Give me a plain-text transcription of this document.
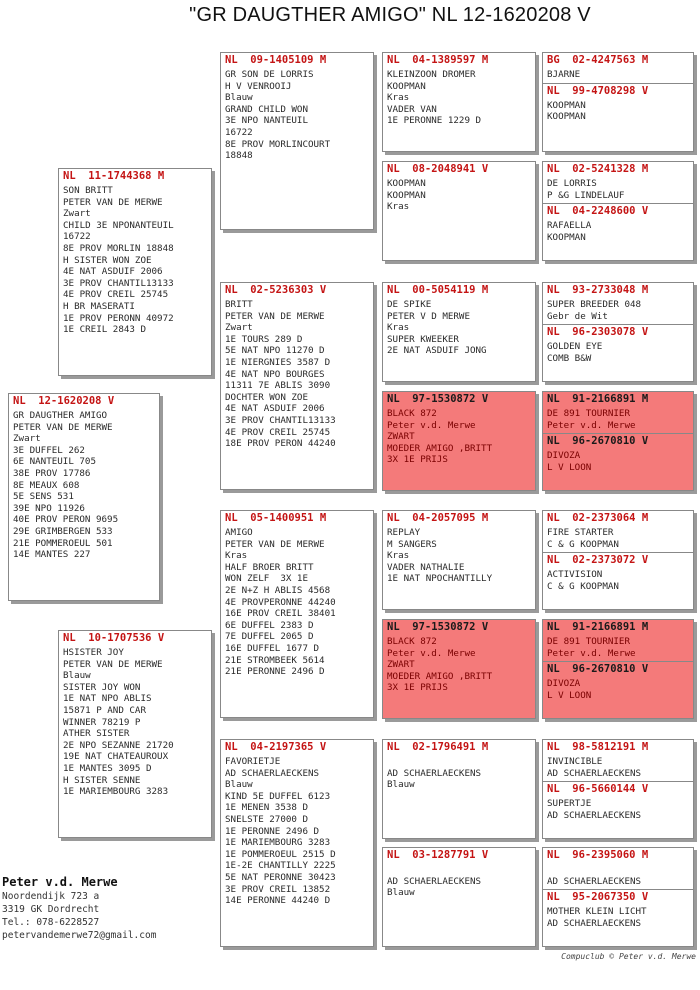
"GR DAUGTHER AMIGO" NL 12-1620208 V
NL  12-1620208 V
GR DAUGTHER AMIGO
PETER VAN DE MERWE
Zwart
3E DUFFEL 262
6E NANTEUIL 705
38E PROV 17786
8E MEAUX 608
5E SENS 531
39E NPO 11926
40E PROV PERON 9695
29E GRIMBERGEN 533
21E POMMEROEUL 501
14E MANTES 227
NL  11-1744368 M
SON BRITT
PETER VAN DE MERWE
Zwart
CHILD 3E NPONANTEUIL
16722
8E PROV MORLIN 18848
H SISTER WON ZOE
4E NAT ASDUIF 2006
3E PROV CHANTIL13133
4E PROV CREIL 25745
H BR MASERATI
1E PROV PERONN 40972
1E CREIL 2843 D
NL  10-1707536 V
HSISTER JOY
PETER VAN DE MERWE
Blauw
SISTER JOY WON
1E NAT NPO ABLIS
15871 P AND CAR
WINNER 78219 P
ATHER SISTER
2E NPO SEZANNE 21720
19E NAT CHATEAUROUX
1E MANTES 3095 D
H SISTER SENNE
1E MARIEMBOURG 3283
NL  09-1405109 M
GR SON DE LORRIS
H V VENROOIJ
Blauw
GRAND CHILD WON
3E NPO NANTEUIL
16722
8E PROV MORLINCOURT
18848
NL  02-5236303 V
BRITT
PETER VAN DE MERWE
Zwart
1E TOURS 289 D
5E NAT NPO 11270 D
1E NIERGNIES 3587 D
4E NAT NPO BOURGES
11311 7E ABLIS 3090
DOCHTER WON ZOE
4E NAT ASDUIF 2006
3E PROV CHANTIL13133
4E PROV CREIL 25745
18E PROV PERON 44240
NL  05-1400951 M
AMIGO
PETER VAN DE MERWE
Kras
HALF BROER BRITT
WON ZELF  3X 1E
2E N+Z H ABLIS 4568
4E PROVPERONNE 44240
16E PROV CREIL 38401
6E DUFFEL 2383 D
7E DUFFEL 2065 D
16E DUFFEL 1677 D
21E STROMBEEK 5614
21E PERONNE 2496 D
NL  04-2197365 V
FAVORIETJE
AD SCHAERLAECKENS
Blauw
KIND 5E DUFFEL 6123
1E MENEN 3538 D
SNELSTE 27000 D
1E PERONNE 2496 D
1E MARIEMBOURG 3283
1E POMMEROEUL 2515 D
1E-2E CHANTILLY 2225
5E NAT PERONNE 30423
3E PROV CREIL 13852
14E PERONNE 44240 D
NL  04-1389597 M
KLEINZOON DROMER
KOOPMAN
Kras
VADER VAN
1E PERONNE 1229 D
NL  08-2048941 V
KOOPMAN
KOOPMAN
Kras
NL  00-5054119 M
DE SPIKE
PETER V D MERWE
Kras
SUPER KWEEKER
2E NAT ASDUIF JONG
NL  97-1530872 V
BLACK 872
Peter v.d. Merwe
ZWART
MOEDER AMIGO ,BRITT
3X 1E PRIJS
NL  04-2057095 M
REPLAY
M SANGERS
Kras
VADER NATHALIE
1E NAT NPOCHANTILLY
NL  97-1530872 V
BLACK 872
Peter v.d. Merwe
ZWART
MOEDER AMIGO ,BRITT
3X 1E PRIJS
NL  02-1796491 M

AD SCHAERLAECKENS
Blauw
NL  03-1287791 V

AD SCHAERLAECKENS
Blauw
BG  02-4247563 M
BJARNE
NL  99-4708298 V
KOOPMAN
KOOPMAN
NL  02-5241328 M
DE LORRIS
P &G LINDELAUF
NL  04-2248600 V
RAFAELLA
KOOPMAN
NL  93-2733048 M
SUPER BREEDER 048
Gebr de Wit
NL  96-2303078 V
GOLDEN EYE
COMB B&W
NL  91-2166891 M
DE 891 TOURNIER
Peter v.d. Merwe
NL  96-2670810 V
DIVOZA
L V LOON
NL  02-2373064 M
FIRE STARTER
C & G KOOPMAN
NL  02-2373072 V
ACTIVISION
C & G KOOPMAN
NL  91-2166891 M
DE 891 TOURNIER
Peter v.d. Merwe
NL  96-2670810 V
DIVOZA
L V LOON
NL  98-5812191 M
INVINCIBLE
AD SCHAERLAECKENS
NL  96-5660144 V
SUPERTJE
AD SCHAERLAECKENS
NL  96-2395060 M

AD SCHAERLAECKENS
NL  95-2067350 V
MOTHER KLEIN LICHT
AD SCHAERLAECKENS
Peter v.d. Merwe
Noordendijk 723 a
3319 GK Dordrecht
Tel.: 078-6228527
petervandemerwe72@gmail.com
Compuclub © Peter v.d. Merwe
